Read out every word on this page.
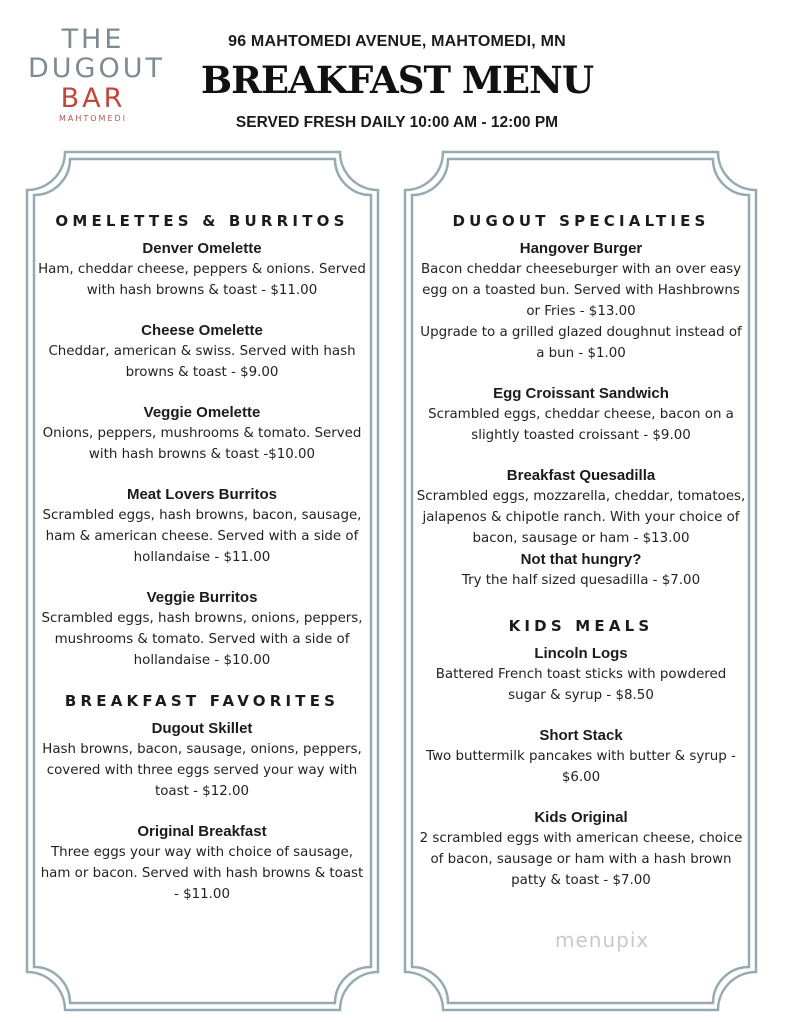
THE
DUGOUT
BAR
MAHTOMEDI
96 MAHTOMEDI AVENUE, MAHTOMEDI, MN
BREAKFAST MENU
SERVED FRESH DAILY 10:00 AM - 12:00 PM
OMELETTES & BURRITOS
Denver Omelette
Ham, cheddar cheese, peppers & onions. Served with hash browns & toast - $11.00
Cheese Omelette
Cheddar, american & swiss. Served with hash browns & toast - $9.00
Veggie Omelette
Onions, peppers, mushrooms & tomato. Served with hash browns & toast -$10.00
Meat Lovers Burritos
Scrambled eggs, hash browns, bacon, sausage, ham & american cheese. Served with a side of hollandaise - $11.00
Veggie Burritos
Scrambled eggs, hash browns, onions, peppers, mushrooms & tomato. Served with a side of hollandaise - $10.00
BREAKFAST FAVORITES
Dugout Skillet
Hash browns, bacon, sausage, onions, peppers, covered with three eggs served your way with toast - $12.00
Original Breakfast
Three eggs your way with choice of sausage, ham or bacon. Served with hash browns & toast - $11.00
DUGOUT SPECIALTIES
Hangover Burger
Bacon cheddar cheeseburger with an over easy egg on a toasted bun. Served with Hashbrowns or Fries - $13.00
Upgrade to a grilled glazed doughnut instead of a bun - $1.00
Egg Croissant Sandwich
Scrambled eggs, cheddar cheese, bacon on a slightly toasted croissant - $9.00
Breakfast Quesadilla
Scrambled eggs, mozzarella, cheddar, tomatoes, jalapenos & chipotle ranch. With your choice of bacon, sausage or ham - $13.00
Not that hungry?
Try the half sized quesadilla - $7.00
KIDS MEALS
Lincoln Logs
Battered French toast sticks with powdered sugar & syrup - $8.50
Short Stack
Two buttermilk pancakes with butter & syrup - $6.00
Kids Original
2 scrambled eggs with american cheese, choice of bacon, sausage or ham with a hash brown patty & toast - $7.00
menupix
